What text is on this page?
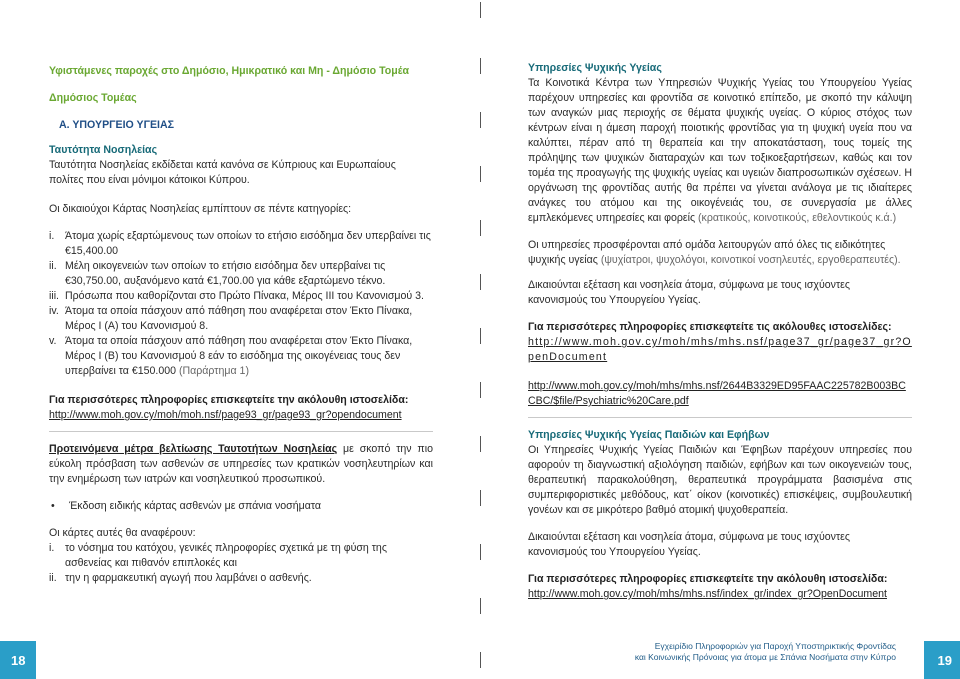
Υφιστάμενες παροχές στο Δημόσιο, Ημικρατικό και Μη - Δημόσιο Τομέα

Δημόσιος Τομέας

Α. ΥΠΟΥΡΓΕΙΟ ΥΓΕΙΑΣ

Ταυτότητα Νοσηλείας

Ταυτότητα Νοσηλείας εκδίδεται κατά κανόνα σε Κύπριους και Ευρωπαίους πολίτες που είναι μόνιμοι κάτοικοι Κύπρου.

Οι δικαιούχοι Κάρτας Νοσηλείας εμπίπτουν σε πέντε κατηγορίες:

i. Άτομα χωρίς εξαρτώμενους των οποίων το ετήσιο εισόδημα δεν υπερβαίνει τις €15,400.00
ii. Μέλη οικογενειών των οποίων το ετήσιο εισόδημα δεν υπερβαίνει τις €30,750.00, αυξανόμενο κατά €1,700.00 για κάθε εξαρτώμενο τέκνο.
iii. Πρόσωπα που καθορίζονται στο Πρώτο Πίνακα, Μέρος III του Κανονισμού 3.
iv. Άτομα τα οποία πάσχουν από πάθηση που αναφέρεται στον Έκτο Πίνακα, Μέρος I (Α) του Κανονισμού 8.
v. Άτομα τα οποία πάσχουν από πάθηση που αναφέρεται στον Έκτο Πίνακα, Μέρος I (Β) του Κανονισμού 8 εάν το εισόδημα της οικογένειας τους δεν υπερβαίνει τα €150.000 (Παράρτημα 1)

Για περισσότερες πληροφορίες επισκεφτείτε την ακόλουθη ιστοσελίδα:

http://www.moh.gov.cy/moh/moh.nsf/page93_gr/page93_gr?opendocument

Προτεινόμενα μέτρα βελτίωσης Ταυτοτήτων Νοσηλείας με σκοπό την πιο εύκολη πρόσβαση των ασθενών σε υπηρεσίες των κρατικών νοσηλευτηρίων και την ενημέρωση των ιατρών και νοσηλευτικού προσωπικού.

• Έκδοση ειδικής κάρτας ασθενών με σπάνια νοσήματα

Οι κάρτες αυτές θα αναφέρουν:

i. το νόσημα του κατόχου, γενικές πληροφορίες σχετικά με τη φύση της ασθενείας και πιθανόν επιπλοκές και
ii. την η φαρμακευτική αγωγή που λαμβάνει ο ασθενής.
18

Υπηρεσίες Ψυχικής Υγείας

Τα Κοινοτικά Κέντρα των Υπηρεσιών Ψυχικής Υγείας του Υπουργείου Υγείας παρέχουν υπηρεσίες και φροντίδα σε κοινοτικό επίπεδο, με σκοπό την κάλυψη των αναγκών μιας περιοχής σε θέματα ψυχικής υγείας. Ο κύριος στόχος των κέντρων είναι η άμεση παροχή ποιοτικής φροντίδας για τη ψυχική υγεία που να καλύπτει, πέραν από τη θεραπεία και την αποκατάσταση, τους τομείς της πρόληψης των ψυχικών διαταραχών και των τοξικοεξαρτήσεων, καθώς και τον τομέα της προαγωγής της ψυχικής υγείας και υγειών διαπροσωπικών σχέσεων. Η οργάνωση της φροντίδας αυτής θα πρέπει να γίνεται ανάλογα με τις ιδιαίτερες ανάγκες του ατόμου και της οικογένειάς του, σε συνεργασία με άλλες εμπλεκόμενες υπηρεσίες και φορείς (κρατικούς, κοινοτικούς, εθελοντικούς κ.ά.)

Οι υπηρεσίες προσφέρονται από ομάδα λειτουργών από όλες τις ειδικότητες ψυχικής υγείας (ψυχίατροι, ψυχολόγοι, κοινοτικοί νοσηλευτές, εργοθεραπευτές).

Δικαιούνται εξέταση και νοσηλεία άτομα, σύμφωνα με τους ισχύοντες κανονισμούς του Υπουργείου Υγείας.

Για περισσότερες πληροφορίες επισκεφτείτε τις ακόλουθες ιστοσελίδες:

http://www.moh.gov.cy/moh/mhs/mhs.nsf/page37_gr/page37_gr?OpenDocument
http://www.moh.gov.cy/moh/mhs/mhs.nsf/2644B3329ED95FAAC225782B003BCCBC/$file/Psychiatric%20Care.pdf

Υπηρεσίες Ψυχικής Υγείας Παιδιών και Εφήβων

Οι Υπηρεσίες Ψυχικής Υγείας Παιδιών και Έφηβων παρέχουν υπηρεσίες που αφορούν τη διαγνωστική αξιολόγηση παιδιών, εφήβων και των οικογενειών τους, θεραπευτική παρακολούθηση, θεραπευτικά προγράμματα βασισμένα στις συμπεριφοριστικές μεθόδους, κατ΄ οίκον (κοινοτικές) επισκέψεις, συμβουλευτική γονέων και σε μικρότερο βαθμό ατομική ψυχοθεραπεία.

Δικαιούνται εξέταση και νοσηλεία άτομα, σύμφωνα με τους ισχύοντες κανονισμούς του Υπουργείου Υγείας.

Για περισσότερες πληροφορίες επισκεφτείτε την ακόλουθη ιστοσελίδα:

http://www.moh.gov.cy/moh/mhs/mhs.nsf/index_gr/index_gr?OpenDocument
Εγχειρίδιο Πληροφοριών για Παροχή Υποστηρικτικής Φροντίδας
και Κοινωνικής Πρόνοιας για άτομα με Σπάνια Νοσήματα στην Κύπρο	19
